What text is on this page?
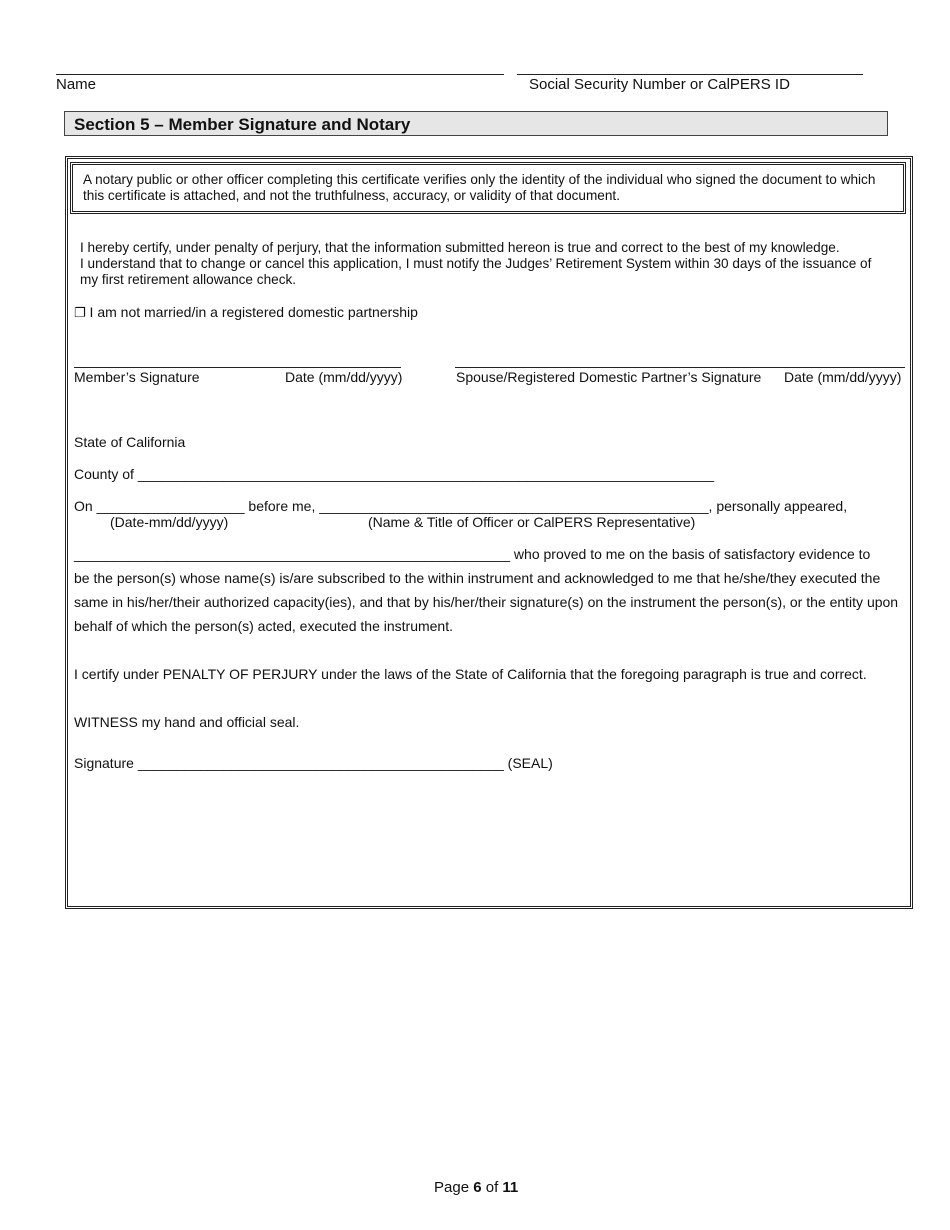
Name	Social Security Number or CalPERS ID
Section 5 – Member Signature and Notary
A notary public or other officer completing this certificate verifies only the identity of the individual who signed the document to which this certificate is attached, and not the truthfulness, accuracy, or validity of that document.
I hereby certify, under penalty of perjury, that the information submitted hereon is true and correct to the best of my knowledge.
I understand that to change or cancel this application, I must notify the Judges’ Retirement System within 30 days of the issuance of
my first retirement allowance check.
❐ I am not married/in a registered domestic partnership
Member’s Signature	Date (mm/dd/yyyy)	Spouse/Registered Domestic Partner’s Signature Date (mm/dd/yyyy)
State of California
County of __________________________________________________________________________
On ___________________ before me, __________________________________________________, personally appeared,
(Date-mm/dd/yyyy)	(Name & Title of Officer or CalPERS Representative)
________________________________________________________ who proved to me on the basis of satisfactory evidence to
be the person(s) whose name(s) is/are subscribed to the within instrument and acknowledged to me that he/she/they executed the
same in his/her/their authorized capacity(ies), and that by his/her/their signature(s) on the instrument the person(s), or the entity upon
behalf of which the person(s) acted, executed the instrument.
I certify under PENALTY OF PERJURY under the laws of the State of California that the foregoing paragraph is true and correct.
WITNESS my hand and official seal.
Signature _______________________________________________ (SEAL)
Page 6 of 11
